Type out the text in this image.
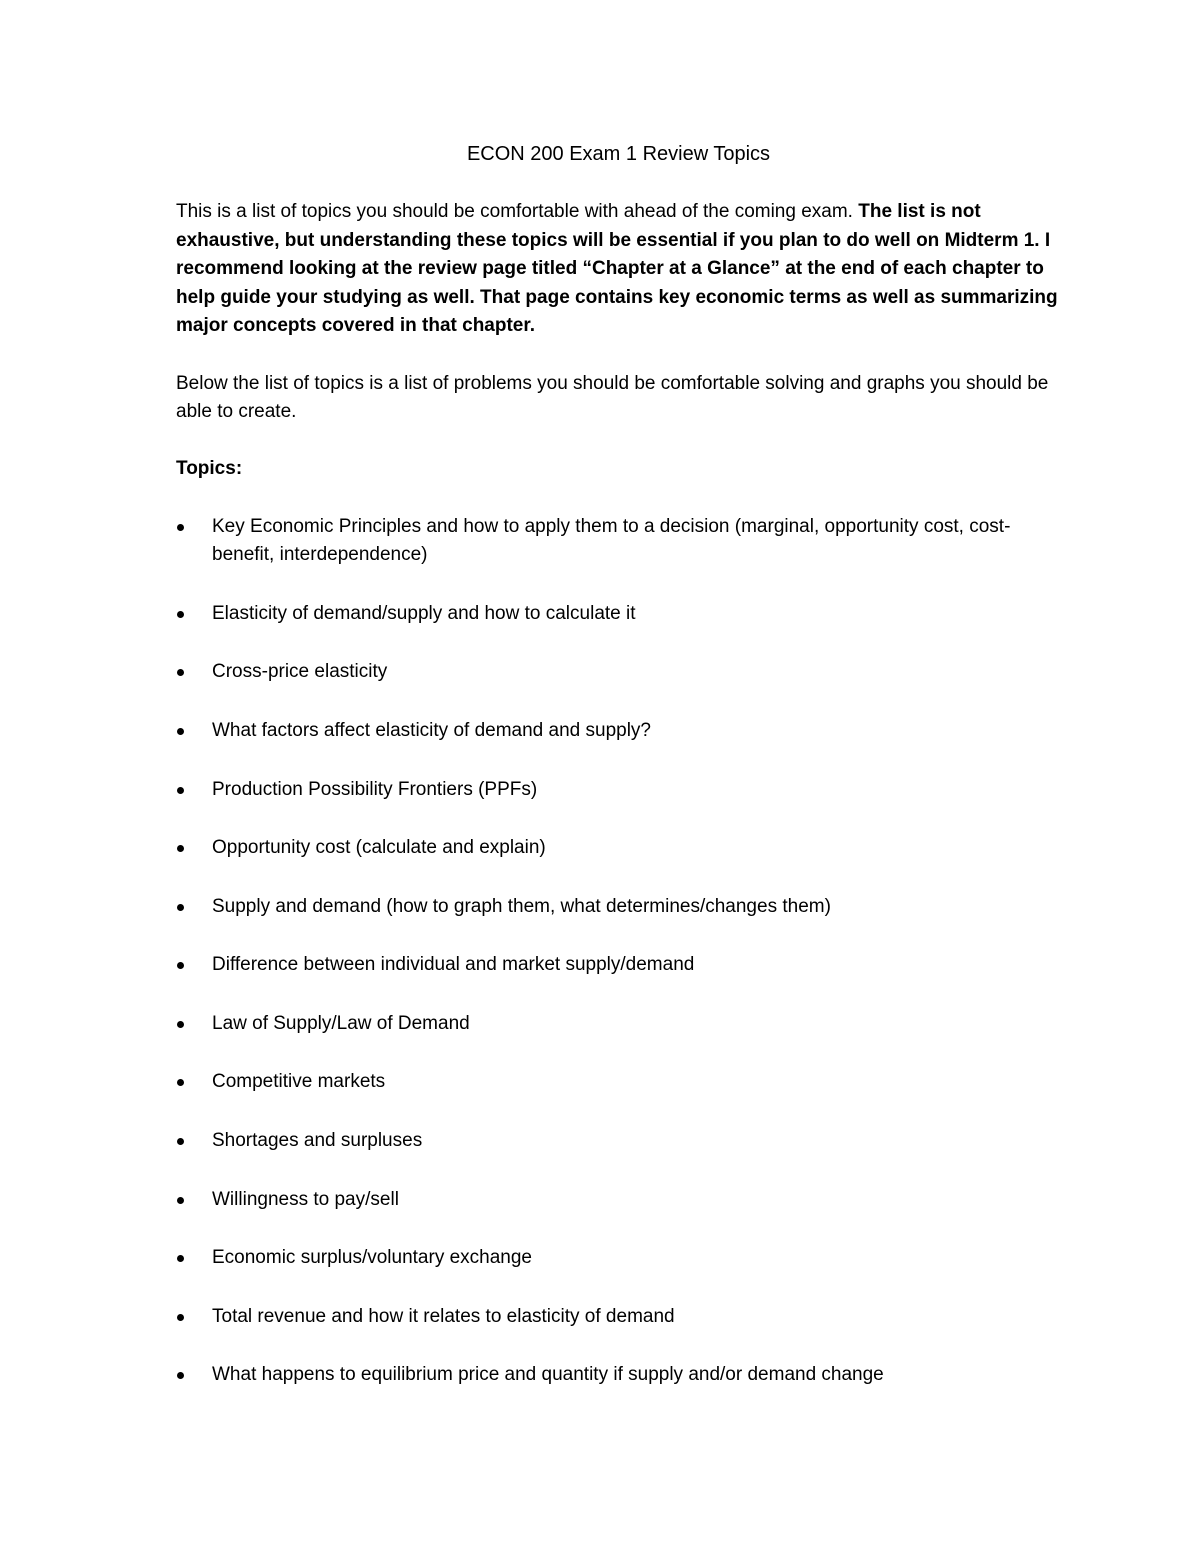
ECON 200 Exam 1 Review Topics

This is a list of topics you should be comfortable with ahead of the coming exam. The list is not exhaustive, but understanding these topics will be essential if you plan to do well on Midterm 1. I recommend looking at the review page titled “Chapter at a Glance” at the end of each chapter to help guide your studying as well. That page contains key economic terms as well as summarizing major concepts covered in that chapter.

Below the list of topics is a list of problems you should be comfortable solving and graphs you should be able to create.

Topics:
Key Economic Principles and how to apply them to a decision (marginal, opportunity cost, cost-benefit, interdependence)
Elasticity of demand/supply and how to calculate it
Cross-price elasticity
What factors affect elasticity of demand and supply?
Production Possibility Frontiers (PPFs)
Opportunity cost (calculate and explain)
Supply and demand (how to graph them, what determines/changes them)
Difference between individual and market supply/demand
Law of Supply/Law of Demand
Competitive markets
Shortages and surpluses
Willingness to pay/sell
Economic surplus/voluntary exchange
Total revenue and how it relates to elasticity of demand
What happens to equilibrium price and quantity if supply and/or demand change
